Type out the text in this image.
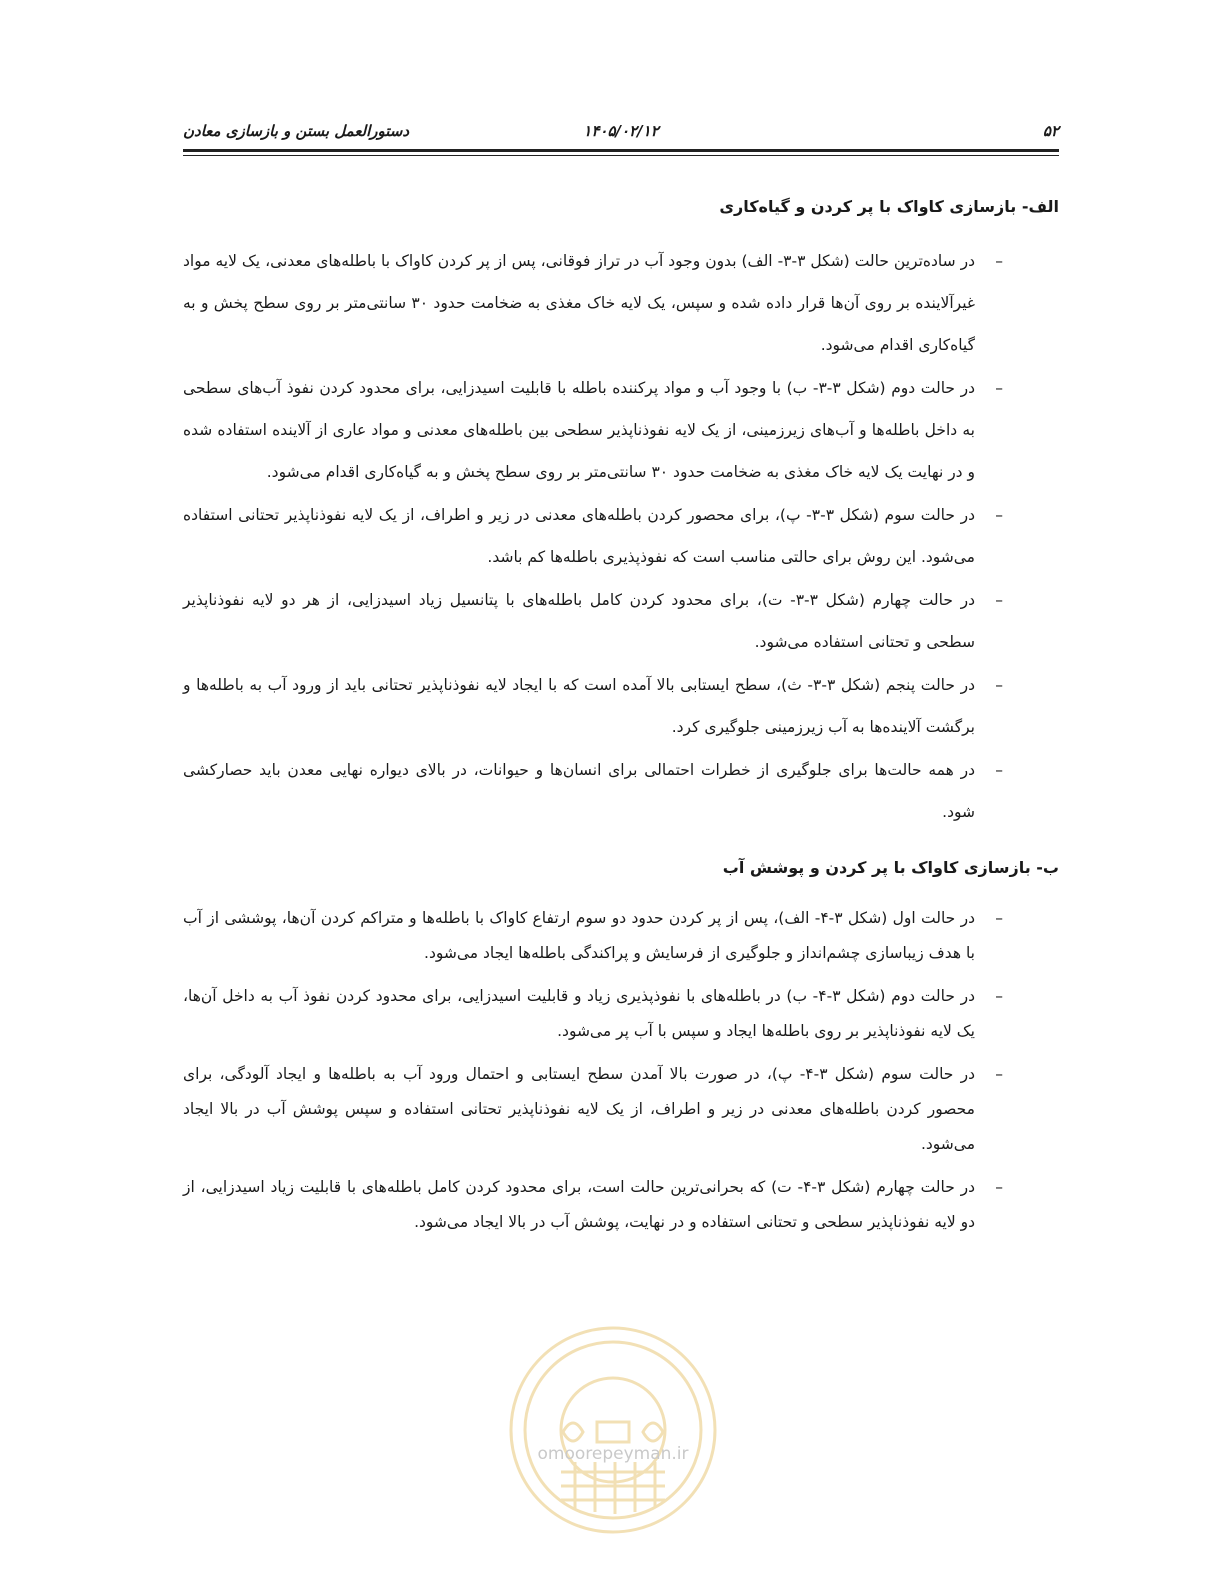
۵۲
۱۴۰۵/۰۲/۱۲
دستورالعمل بستن و بازسازی معادن
الف- بازسازی کاواک با پر کردن و گیاه‌کاری

–
در ساده‌ترین حالت (شکل ۳-۳- الف) بدون وجود آب در تراز فوقانی، پس از پر کردن کاواک با باطله‌های معدنی، یک لایه مواد غیرآلاینده بر روی آن‌ها قرار داده شده و سپس، یک لایه خاک مغذی به ضخامت حدود ۳۰ سانتی‌متر بر روی سطح پخش و به گیاه‌کاری اقدام می‌شود.

–
در حالت دوم (شکل ۳-۳- ب) با وجود آب و مواد پرکننده باطله با قابلیت اسیدزایی، برای محدود کردن نفوذ آب‌های سطحی به داخل باطله‌ها و آب‌های زیرزمینی، از یک لایه نفوذناپذیر سطحی بین باطله‌های معدنی و مواد عاری از آلاینده استفاده شده و در نهایت یک لایه خاک مغذی به ضخامت حدود ۳۰ سانتی‌متر بر روی سطح پخش و به گیاه‌کاری اقدام می‌شود.

–
در حالت سوم (شکل ۳-۳- پ)، برای محصور کردن باطله‌های معدنی در زیر و اطراف، از یک لایه نفوذناپذیر تحتانی استفاده می‌شود. این روش برای حالتی مناسب است که نفوذپذیری باطله‌ها کم باشد.

–
در حالت چهارم (شکل ۳-۳- ت)، برای محدود کردن کامل باطله‌های با پتانسیل زیاد اسیدزایی، از هر دو لایه نفوذناپذیر سطحی و تحتانی استفاده می‌شود.

–
در حالت پنجم (شکل ۳-۳- ث)، سطح ایستابی بالا آمده است که با ایجاد لایه نفوذناپذیر تحتانی باید از ورود آب به باطله‌ها و برگشت آلاینده‌ها به آب زیرزمینی جلوگیری کرد.

–
در همه حالت‌ها برای جلوگیری از خطرات احتمالی برای انسان‌ها و حیوانات، در بالای دیواره نهایی معدن باید حصارکشی شود.

ب- بازسازی کاواک با پر کردن و پوشش آب

–
در حالت اول (شکل ۳-۴- الف)، پس از پر کردن حدود دو سوم ارتفاع کاواک با باطله‌ها و متراکم کردن آن‌ها، پوششی از آب با هدف زیباسازی چشم‌انداز و جلوگیری از فرسایش و پراکندگی باطله‌ها ایجاد می‌شود.

–
در حالت دوم (شکل ۳-۴- ب) در باطله‌های با نفوذپذیری زیاد و قابلیت اسیدزایی، برای محدود کردن نفوذ آب به داخل آن‌ها، یک لایه نفوذناپذیر بر روی باطله‌ها ایجاد و سپس با آب پر می‌شود.

–
در حالت سوم (شکل ۳-۴- پ)، در صورت بالا آمدن سطح ایستابی و احتمال ورود آب به باطله‌ها و ایجاد آلودگی، برای محصور کردن باطله‌های معدنی در زیر و اطراف، از یک لایه نفوذناپذیر تحتانی استفاده و سپس پوشش آب در بالا ایجاد می‌شود.

–
در حالت چهارم (شکل ۳-۴- ت) که بحرانی‌ترین حالت است، برای محدود کردن کامل باطله‌های با قابلیت زیاد اسیدزایی، از دو لایه نفوذناپذیر سطحی و تحتانی استفاده و در نهایت، پوشش آب در بالا ایجاد می‌شود.

omoorepeyman.ir
